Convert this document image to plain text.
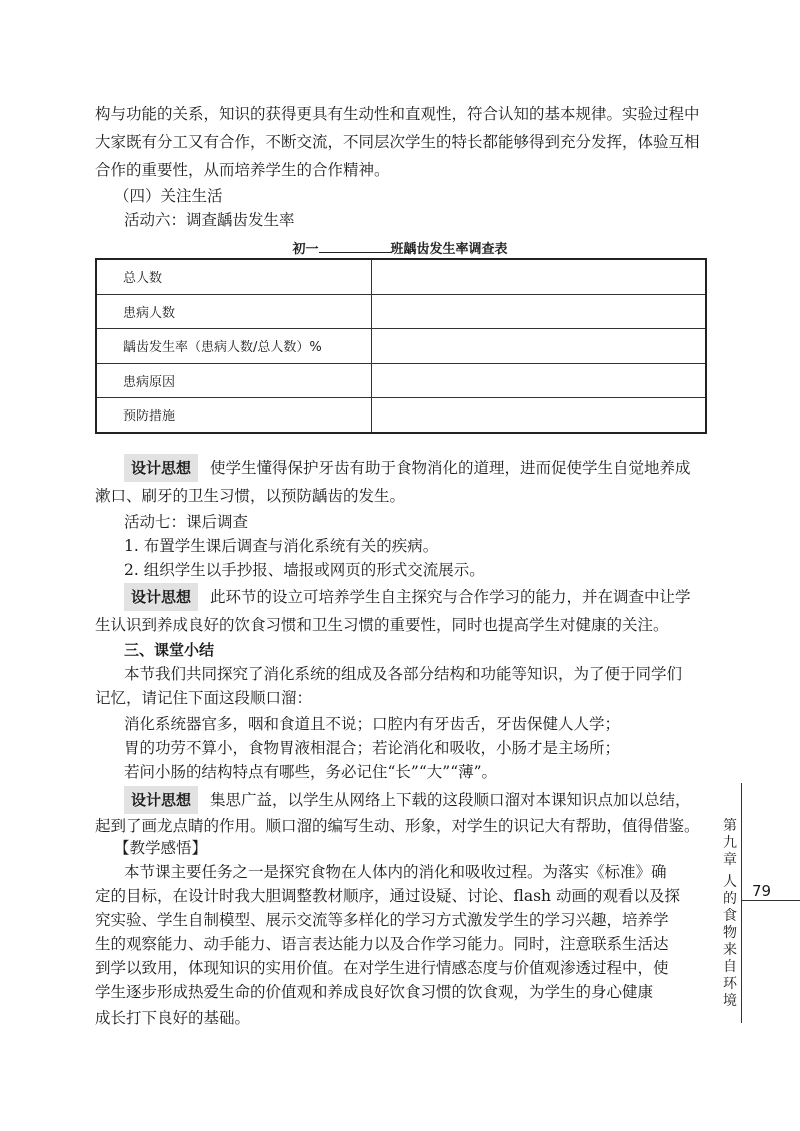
构与功能的关系，知识的获得更具有生动性和直观性，符合认知的基本规律。实验过程中
大家既有分工又有合作，不断交流，不同层次学生的特长都能够得到充分发挥，体验互相
合作的重要性，从而培养学生的合作精神。
（四）关注生活
活动六：调查龋齿发生率
初一	班龋齿发生率调查表
总人数	
患病人数	
龋齿发生率（患病人数/总人数）%	
患病原因	
预防措施	
设计思想 使学生懂得保护牙齿有助于食物消化的道理，进而促使学生自觉地养成
漱口、刷牙的卫生习惯，以预防龋齿的发生。
活动七：课后调查
1. 布置学生课后调查与消化系统有关的疾病。
2. 组织学生以手抄报、墙报或网页的形式交流展示。
设计思想 此环节的设立可培养学生自主探究与合作学习的能力，并在调查中让学
生认识到养成良好的饮食习惯和卫生习惯的重要性，同时也提高学生对健康的关注。
三、课堂小结
本节我们共同探究了消化系统的组成及各部分结构和功能等知识，为了便于同学们
记忆，请记住下面这段顺口溜：
消化系统器官多，咽和食道且不说；口腔内有牙齿舌，牙齿保健人人学；
胃的功劳不算小，食物胃液相混合；若论消化和吸收，小肠才是主场所；
若问小肠的结构特点有哪些，务必记住“长”“大”“薄”。
设计思想 集思广益，以学生从网络上下载的这段顺口溜对本课知识点加以总结，
起到了画龙点睛的作用。顺口溜的编写生动、形象，对学生的识记大有帮助，值得借鉴。
【教学感悟】
本节课主要任务之一是探究食物在人体内的消化和吸收过程。为落实《标准》确
定的目标，在设计时我大胆调整教材顺序，通过设疑、讨论、flash 动画的观看以及探
究实验、学生自制模型、展示交流等多样化的学习方式激发学生的学习兴趣，培养学
生的观察能力、动手能力、语言表达能力以及合作学习能力。同时，注意联系生活达
到学以致用，体现知识的实用价值。在对学生进行情感态度与价值观渗透过程中，使
学生逐步形成热爱生命的价值观和养成良好饮食习惯的饮食观，为学生的身心健康
成长打下良好的基础。
第九章
人的食物来自环境
79
